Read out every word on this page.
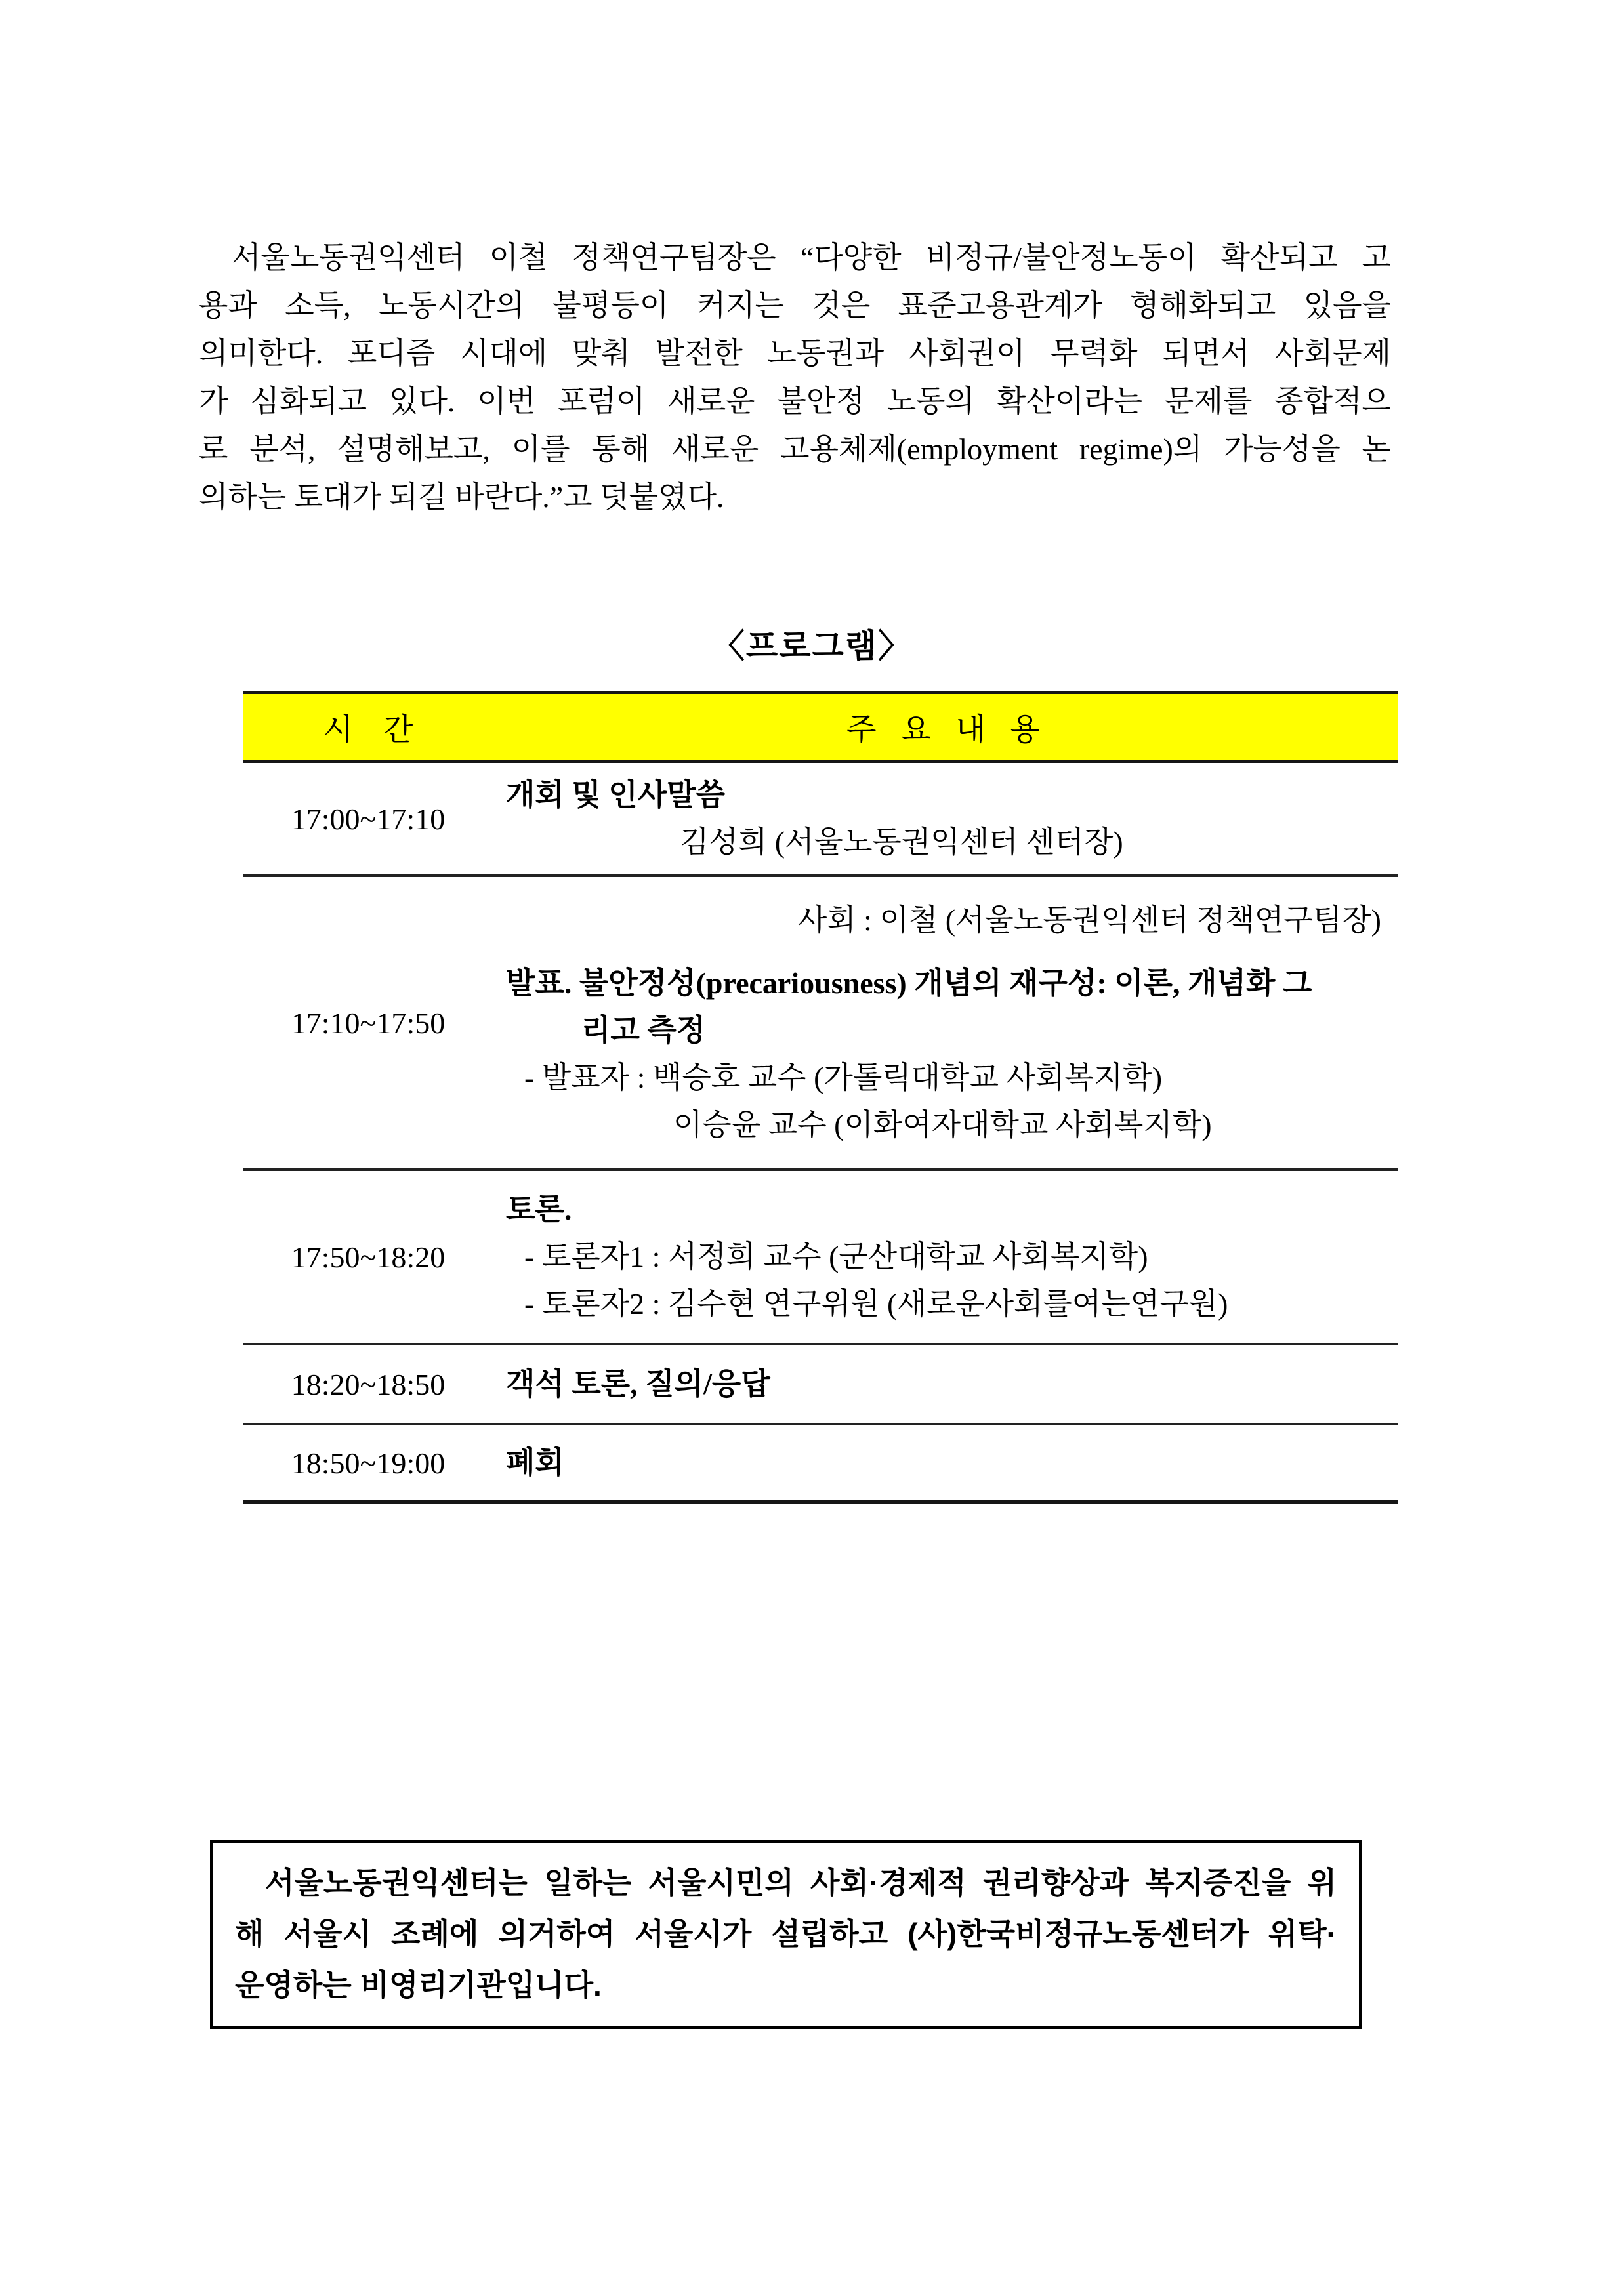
서울노동권익센터 이철 정책연구팀장은 “다양한 비정규/불안정노동이 확산되고 고
용과 소득, 노동시간의 불평등이 커지는 것은 표준고용관계가 형해화되고 있음을
의미한다. 포디즘 시대에 맞춰 발전한 노동권과 사회권이 무력화 되면서 사회문제
가 심화되고 있다. 이번 포럼이 새로운 불안정 노동의 확산이라는 문제를 종합적으
로 분석, 설명해보고, 이를 통해 새로운 고용체제(employment regime)의 가능성을 논
의하는 토대가 되길 바란다.”고 덧붙였다.
〈프로그램〉
시 간	주 요 내 용
17:00~17:10
개회 및 인사말씀
김성희 (서울노동권익센터 센터장)
17:10~17:50
사회 : 이철 (서울노동권익센터 정책연구팀장)
발표. 불안정성(precariousness) 개념의 재구성: 이론, 개념화 그
리고 측정
- 발표자 : 백승호 교수 (가톨릭대학교 사회복지학)
이승윤 교수 (이화여자대학교 사회복지학)
17:50~18:20
토론.
- 토론자1 : 서정희 교수 (군산대학교 사회복지학)
- 토론자2 : 김수현 연구위원 (새로운사회를여는연구원)
18:20~18:50	객석 토론, 질의/응답
18:50~19:00	폐회
서울노동권익센터는 일하는 서울시민의 사회·경제적 권리향상과 복지증진을 위
해 서울시 조례에 의거하여 서울시가 설립하고 (사)한국비정규노동센터가 위탁·
운영하는 비영리기관입니다.
